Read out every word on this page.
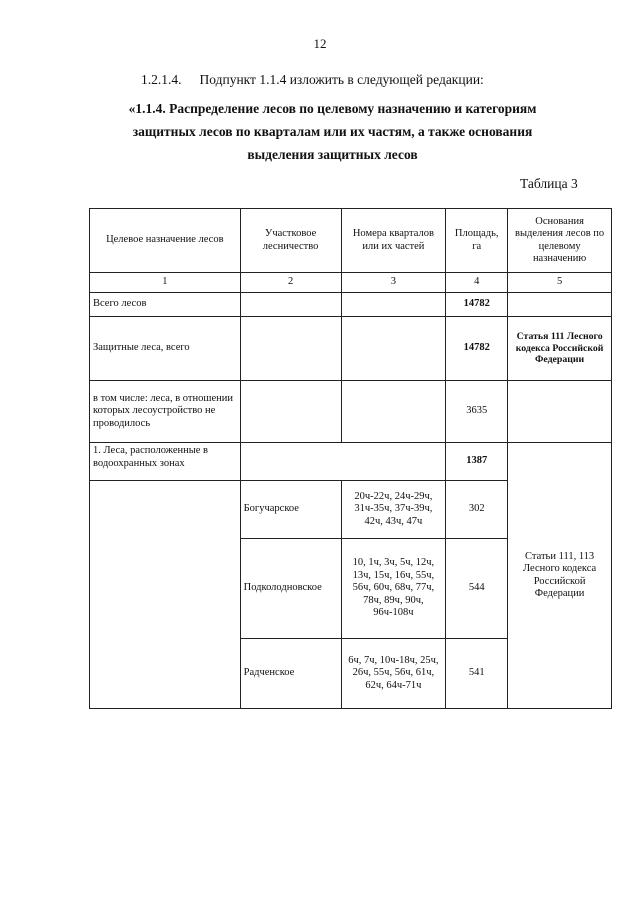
12
1.2.1.4. Подпункт 1.1.4 изложить в следующей редакции:
«1.1.4. Распределение лесов по целевому назначению и категориям
защитных лесов по кварталам или их частям, а также основания
выделения защитных лесов
Таблица 3
Целевое назначение лесов	Участковое лесничество	Номера кварталов или их частей	Площадь, га	Основания выделения лесов по целевому назначению
1	2	3	4	5
Всего лесов			14782	
Защитные леса, всего			14782	Статья 111 Лесного кодекса Российской Федерации
в том числе: леса, в отношении которых лесоустройство не проводилось			3635	
1. Леса, расположенные в водоохранных зонах			1387	Статьи 111, 113 Лесного кодекса Российской Федерации
	Богучарское	20ч-22ч, 24ч-29ч, 31ч-35ч, 37ч-39ч, 42ч, 43ч, 47ч	302	
	Подколодновское	10, 1ч, 3ч, 5ч, 12ч, 13ч, 15ч, 16ч, 55ч, 56ч, 60ч, 68ч, 77ч, 78ч, 89ч, 90ч, 96ч-108ч	544	
	Радченское	6ч, 7ч, 10ч-18ч, 25ч, 26ч, 55ч, 56ч, 61ч, 62ч, 64ч-71ч	541	
